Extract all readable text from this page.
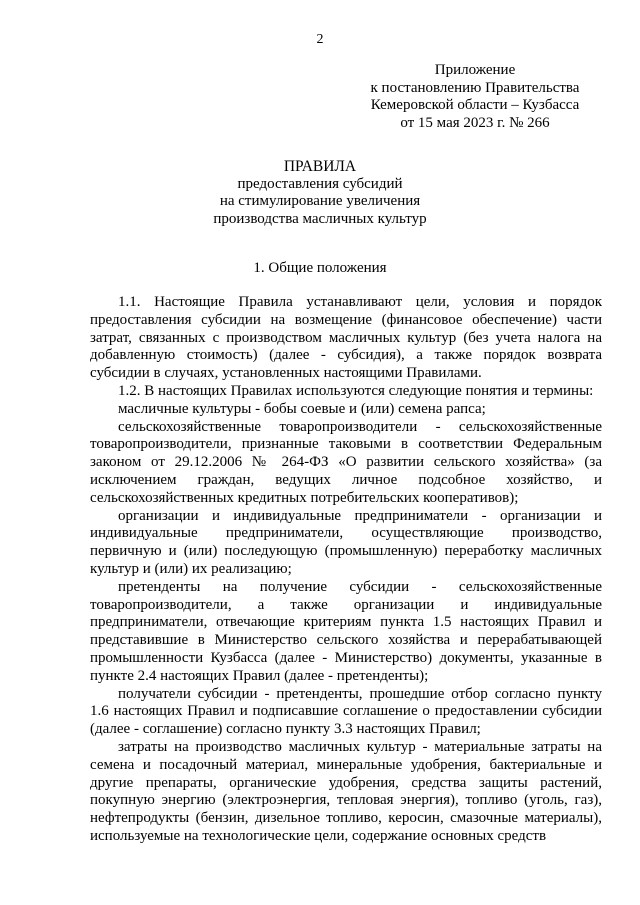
2
Приложение
к постановлению Правительства
Кемеровской области – Кузбасса
от 15 мая 2023 г. № 266
ПРАВИЛА
предоставления субсидий
на стимулирование увеличения
производства масличных культур
1. Общие положения

1.1. Настоящие Правила устанавливают цели, условия и порядок предоставления субсидии на возмещение (финансовое обеспечение) части затрат, связанных с производством масличных культур (без учета налога на добавленную стоимость) (далее - субсидия), а также порядок возврата субсидии в случаях, установленных настоящими Правилами.

1.2. В настоящих Правилах используются следующие понятия и термины:

масличные культуры - бобы соевые и (или) семена рапса;

сельскохозяйственные товаропроизводители - сельскохозяйственные товаропроизводители, признанные таковыми в соответствии Федеральным законом от 29.12.2006 № 264-ФЗ «О развитии сельского хозяйства» (за исключением граждан, ведущих личное подсобное хозяйство, и сельскохозяйственных кредитных потребительских кооперативов);

организации и индивидуальные предприниматели - организации и индивидуальные предприниматели, осуществляющие производство, первичную и (или) последующую (промышленную) переработку масличных культур и (или) их реализацию;

претенденты на получение субсидии - сельскохозяйственные товаропроизводители, а также организации и индивидуальные предприниматели, отвечающие критериям пункта 1.5 настоящих Правил и представившие в Министерство сельского хозяйства и перерабатывающей промышленности Кузбасса (далее - Министерство) документы, указанные в пункте 2.4 настоящих Правил (далее - претенденты);

получатели субсидии - претенденты, прошедшие отбор согласно пункту 1.6 настоящих Правил и подписавшие соглашение о предоставлении субсидии (далее - соглашение) согласно пункту 3.3 настоящих Правил;

затраты на производство масличных культур - материальные затраты на семена и посадочный материал, минеральные удобрения, бактериальные и другие препараты, органические удобрения, средства защиты растений, покупную энергию (электроэнергия, тепловая энергия), топливо (уголь, газ), нефтепродукты (бензин, дизельное топливо, керосин, смазочные материалы), используемые на технологические цели, содержание основных средств
